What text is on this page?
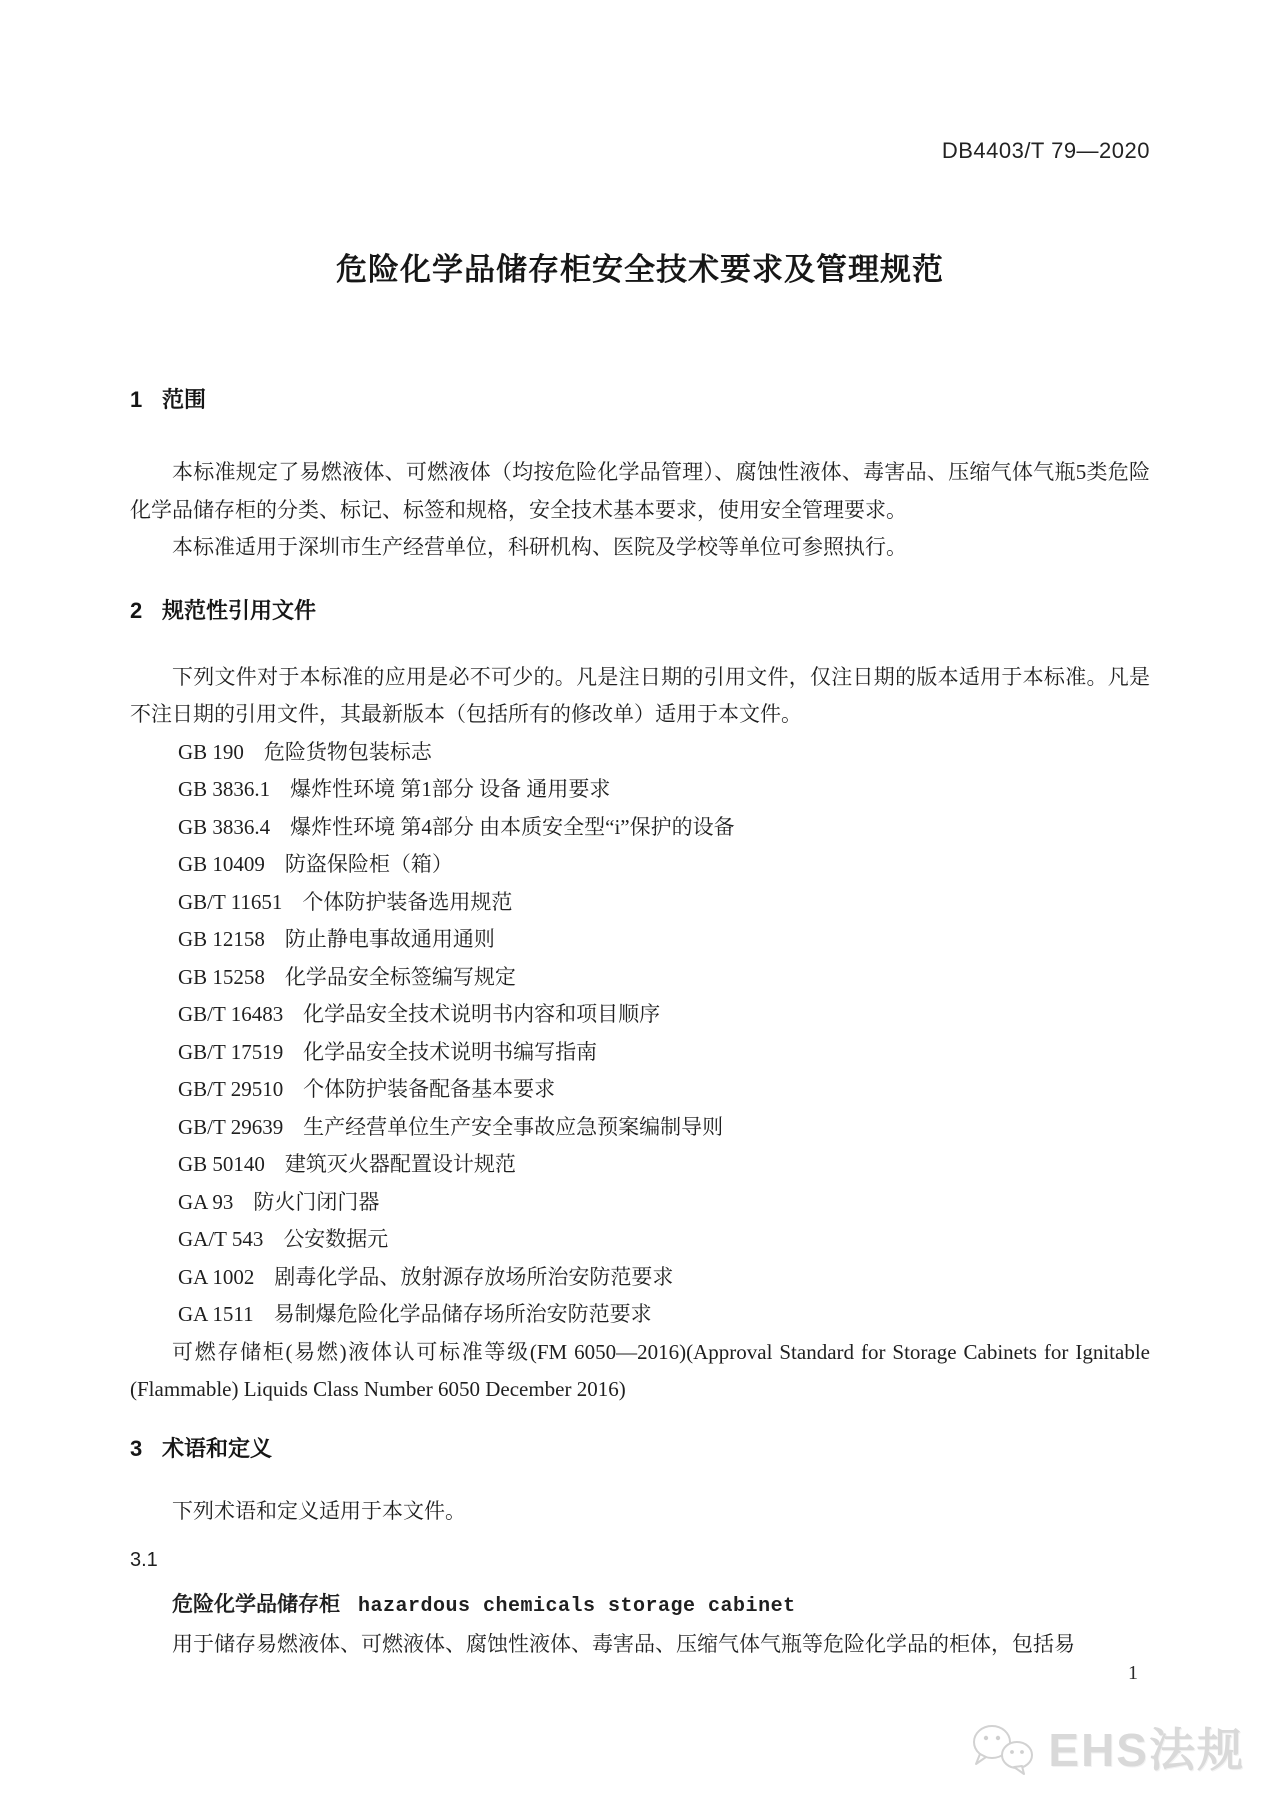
DB4403/T 79—2020
危险化学品储存柜安全技术要求及管理规范
1 范围

本标准规定了易燃液体、可燃液体（均按危险化学品管理）、腐蚀性液体、毒害品、压缩气体气瓶5类危险化学品储存柜的分类、标记、标签和规格，安全技术基本要求，使用安全管理要求。

本标准适用于深圳市生产经营单位，科研机构、医院及学校等单位可参照执行。

2 规范性引用文件

下列文件对于本标准的应用是必不可少的。凡是注日期的引用文件，仅注日期的版本适用于本标准。凡是不注日期的引用文件，其最新版本（包括所有的修改单）适用于本文件。

GB 190 危险货物包装标志
GB 3836.1 爆炸性环境 第1部分 设备 通用要求
GB 3836.4 爆炸性环境 第4部分 由本质安全型“i”保护的设备
GB 10409 防盗保险柜（箱）
GB/T 11651 个体防护装备选用规范
GB 12158 防止静电事故通用通则
GB 15258 化学品安全标签编写规定
GB/T 16483 化学品安全技术说明书内容和项目顺序
GB/T 17519 化学品安全技术说明书编写指南
GB/T 29510 个体防护装备配备基本要求
GB/T 29639 生产经营单位生产安全事故应急预案编制导则
GB 50140 建筑灭火器配置设计规范
GA 93 防火门闭门器
GA/T 543 公安数据元
GA 1002 剧毒化学品、放射源存放场所治安防范要求
GA 1511 易制爆危险化学品储存场所治安防范要求

可燃存储柜(易燃)液体认可标准等级(FM 6050—2016)(Approval Standard for Storage Cabinets for Ignitable (Flammable) Liquids Class Number 6050 December 2016)

3 术语和定义

下列术语和定义适用于本文件。

3.1
危险化学品储存柜 hazardous chemicals storage cabinet

用于储存易燃液体、可燃液体、腐蚀性液体、毒害品、压缩气体气瓶等危险化学品的柜体，包括易

1
EHS法规
